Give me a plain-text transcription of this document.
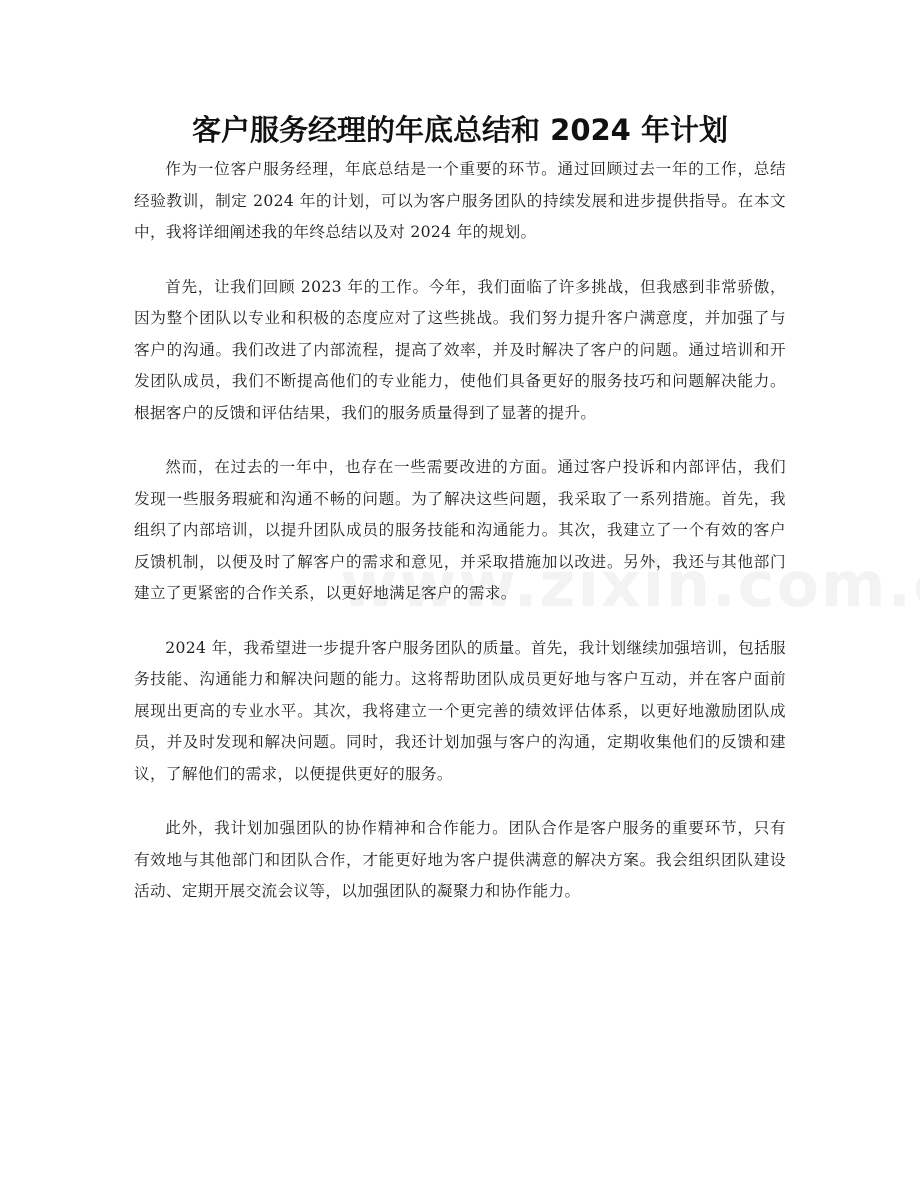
客户服务经理的年底总结和 2024 年计划

作为一位客户服务经理，年底总结是一个重要的环节。通过回顾过去一年的工作，总结经验教训，制定 2024 年的计划，可以为客户服务团队的持续发展和进步提供指导。在本文中，我将详细阐述我的年终总结以及对 2024 年的规划。

首先，让我们回顾 2023 年的工作。今年，我们面临了许多挑战，但我感到非常骄傲，因为整个团队以专业和积极的态度应对了这些挑战。我们努力提升客户满意度，并加强了与客户的沟通。我们改进了内部流程，提高了效率，并及时解决了客户的问题。通过培训和开发团队成员，我们不断提高他们的专业能力，使他们具备更好的服务技巧和问题解决能力。根据客户的反馈和评估结果，我们的服务质量得到了显著的提升。

然而，在过去的一年中，也存在一些需要改进的方面。通过客户投诉和内部评估，我们发现一些服务瑕疵和沟通不畅的问题。为了解决这些问题，我采取了一系列措施。首先，我组织了内部培训，以提升团队成员的服务技能和沟通能力。其次，我建立了一个有效的客户反馈机制，以便及时了解客户的需求和意见，并采取措施加以改进。另外，我还与其他部门建立了更紧密的合作关系，以更好地满足客户的需求。

2024 年，我希望进一步提升客户服务团队的质量。首先，我计划继续加强培训，包括服务技能、沟通能力和解决问题的能力。这将帮助团队成员更好地与客户互动，并在客户面前展现出更高的专业水平。其次，我将建立一个更完善的绩效评估体系，以更好地激励团队成员，并及时发现和解决问题。同时，我还计划加强与客户的沟通，定期收集他们的反馈和建议，了解他们的需求，以便提供更好的服务。

此外，我计划加强团队的协作精神和合作能力。团队合作是客户服务的重要环节，只有有效地与其他部门和团队合作，才能更好地为客户提供满意的解决方案。我会组织团队建设活动、定期开展交流会议等，以加强团队的凝聚力和协作能力。
